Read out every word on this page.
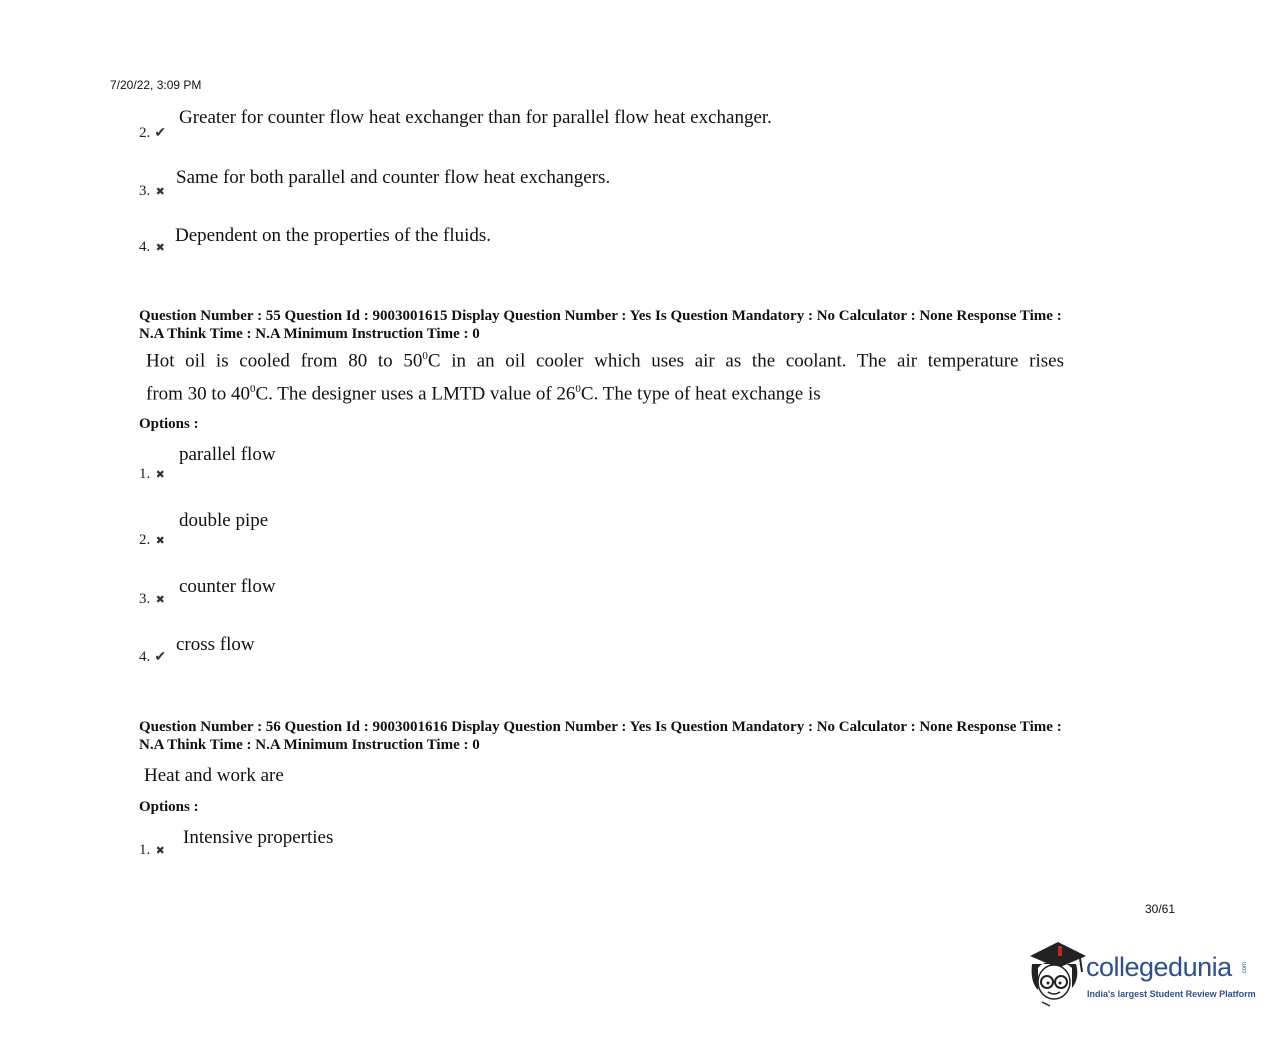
7/20/22, 3:09 PM
2. ✔
Greater for counter flow heat exchanger than for parallel flow heat exchanger.
3. ✖
Same for both parallel and counter flow heat exchangers.
4. ✖
Dependent on the properties of the fluids.
Question Number : 55 Question Id : 9003001615 Display Question Number : Yes Is Question Mandatory : No Calculator : None Response Time :
N.A Think Time : N.A Minimum Instruction Time : 0
Hot oil is cooled from 80 to $50^0C$ in an oil cooler which uses air as the coolant. The air temperature rises
from 30 to $40^0C$. The designer uses a LMTD value of $26^0C$. The type of heat exchange is
Options :
1. ✖
parallel flow
2. ✖
double pipe
3. ✖
counter flow
4. ✔
cross flow
Question Number : 56 Question Id : 9003001616 Display Question Number : Yes Is Question Mandatory : No Calculator : None Response Time :
N.A Think Time : N.A Minimum Instruction Time : 0
Heat and work are
Options :
1. ✖
Intensive properties
30/61
collegedunia .com
India's largest Student Review Platform
